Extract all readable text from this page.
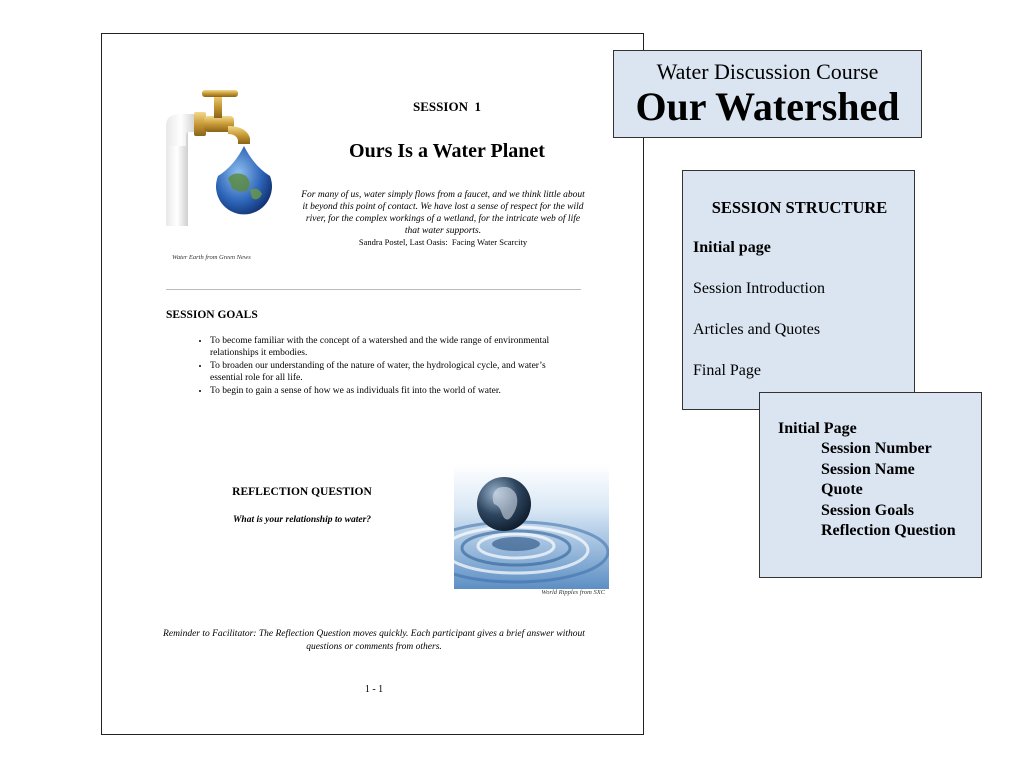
Water Earth from Green News
SESSION  1
Ours Is a Water Planet
For many of us, water simply flows from a faucet, and we think little about it beyond this point of contact. We have lost a sense of respect for the wild river, for the complex workings of a wetland, for the intricate web of life that water supports.
Sandra Postel, Last Oasis:  Facing Water Scarcity
SESSION GOALS
• To become familiar with the concept of a watershed and the wide range of environmental relationships it embodies.
• To broaden our understanding of the nature of water, the hydrological cycle, and water’s essential role for all life.
• To begin to gain a sense of how we as individuals fit into the world of water.
REFLECTION QUESTION
What is your relationship to water?
World Ripples from SXC
Reminder to Facilitator: The Reflection Question moves quickly. Each participant gives a brief answer without questions or comments from others.
1 - 1
Water Discussion Course
Our Watershed
SESSION STRUCTURE
Initial page
Session Introduction
Articles and Quotes
Final Page
Initial Page
Session Number
Session Name
Quote
Session Goals
Reflection Question
